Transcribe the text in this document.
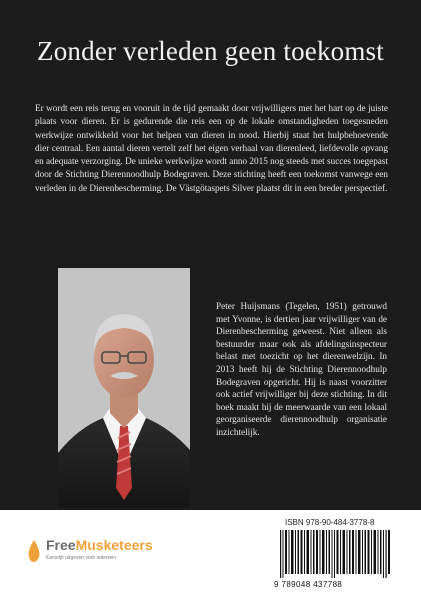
Zonder verleden geen toekomst
Er wordt een reis terug en vooruit in de tijd gemaakt door vrijwilligers met het hart op de juiste plaats voor dieren. Er is gedurende die reis een op de lokale omstandigheden toegesneden werkwijze ontwikkeld voor het helpen van dieren in nood. Hierbij staat het hulpbehoevende dier centraal. Een aantal dieren vertelt zelf het eigen verhaal van dierenleed, liefdevolle opvang en adequate verzorging. De unieke werkwijze wordt anno 2015 nog steeds met succes toegepast door de Stichting Dierennoodhulp Bodegraven. Deze stichting heeft een toekomst vanwege een verleden in de Dierenbescherming. De Västgötaspets Silver plaatst dit in een breder perspectief.
Peter Huijsmans (Tegelen, 1951) getrouwd met Yvonne, is dertien jaar vrijwilliger van de Dierenbescherming geweest. Niet alleen als bestuurder maar ook als afdelingsinspecteur belast met toezicht op het dierenwelzijn. In 2013 heeft hij de Stichting Dierennoodhulp Bodegraven opgericht. Hij is naast voorzitter ook actief vrijwilliger bij deze stichting. In dit boek maakt hij de meerwaarde van een lokaal georganiseerde dierennoodhulp organisatie inzichtelijk.
FreeMusketeers
Kansrijk uitgeven voor iedereen
ISBN 978-90-484-3778-8
9 789048 437788
